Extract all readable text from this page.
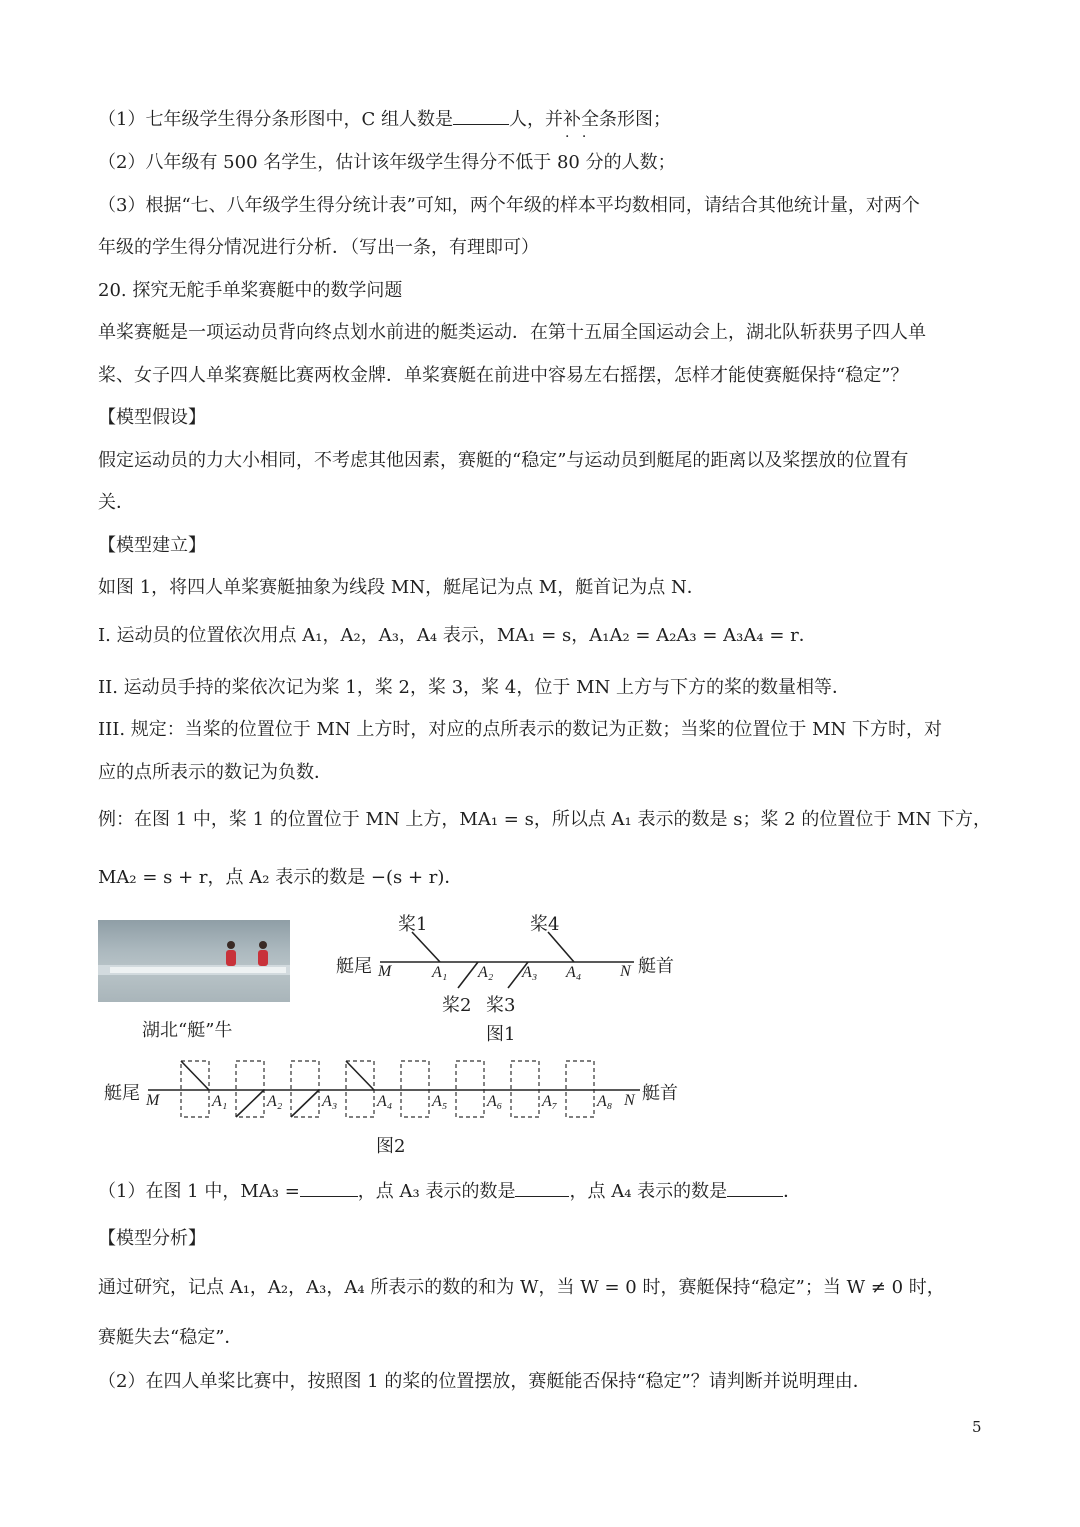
（1）七年级学生得分条形图中，C 组人数是	人，并补全 · ·条形图；
（2）八年级有 500 名学生，估计该年级学生得分不低于 80 分的人数；
（3）根据“七、八年级学生得分统计表”可知，两个年级的样本平均数相同，请结合其他统计量，对两个
年级的学生得分情况进行分析．（写出一条，有理即可）
20. 探究无舵手单桨赛艇中的数学问题
单桨赛艇是一项运动员背向终点划水前进的艇类运动．在第十五届全国运动会上，湖北队斩获男子四人单
桨、女子四人单桨赛艇比赛两枚金牌．单桨赛艇在前进中容易左右摇摆，怎样才能使赛艇保持“稳定”？
【模型假设】
假定运动员的力大小相同，不考虑其他因素，赛艇的“稳定”与运动员到艇尾的距离以及桨摆放的位置有
关．
【模型建立】
如图 1，将四人单桨赛艇抽象为线段 MN，艇尾记为点 M，艇首记为点 N．
I. 运动员的位置依次用点 A₁，A₂，A₃，A₄ 表示，MA₁ = s，A₁A₂ = A₂A₃ = A₃A₄ = r．
II. 运动员手持的桨依次记为桨 1，桨 2，桨 3，桨 4，位于 MN 上方与下方的桨的数量相等．
III. 规定：当桨的位置位于 MN 上方时，对应的点所表示的数记为正数；当桨的位置位于 MN 下方时，对
应的点所表示的数记为负数．
例：在图 1 中，桨 1 的位置位于 MN 上方，MA₁ = s，所以点 A₁ 表示的数是 s；桨 2 的位置位于 MN 下方，
MA₂ = s + r，点 A₂ 表示的数是 −(s + r)．
湖北“艇”牛
桨1	桨4
艇尾	艇首
M	N
A₁ A₂ A₃ A₄
桨2 桨3
图1
艇尾	艇首
M	N
A₁ A₂ A₃ A₄ A₅ A₆ A₇ A₈
图2
（1）在图 1 中，MA₃ =	，点 A₃ 表示的数是	，点 A₄ 表示的数是	．
【模型分析】
通过研究，记点 A₁，A₂，A₃，A₄ 所表示的数的和为 W，当 W = 0 时，赛艇保持“稳定”；当 W ≠ 0 时，
赛艇失去“稳定”．
（2）在四人单桨比赛中，按照图 1 的桨的位置摆放，赛艇能否保持“稳定”？请判断并说明理由．
5
